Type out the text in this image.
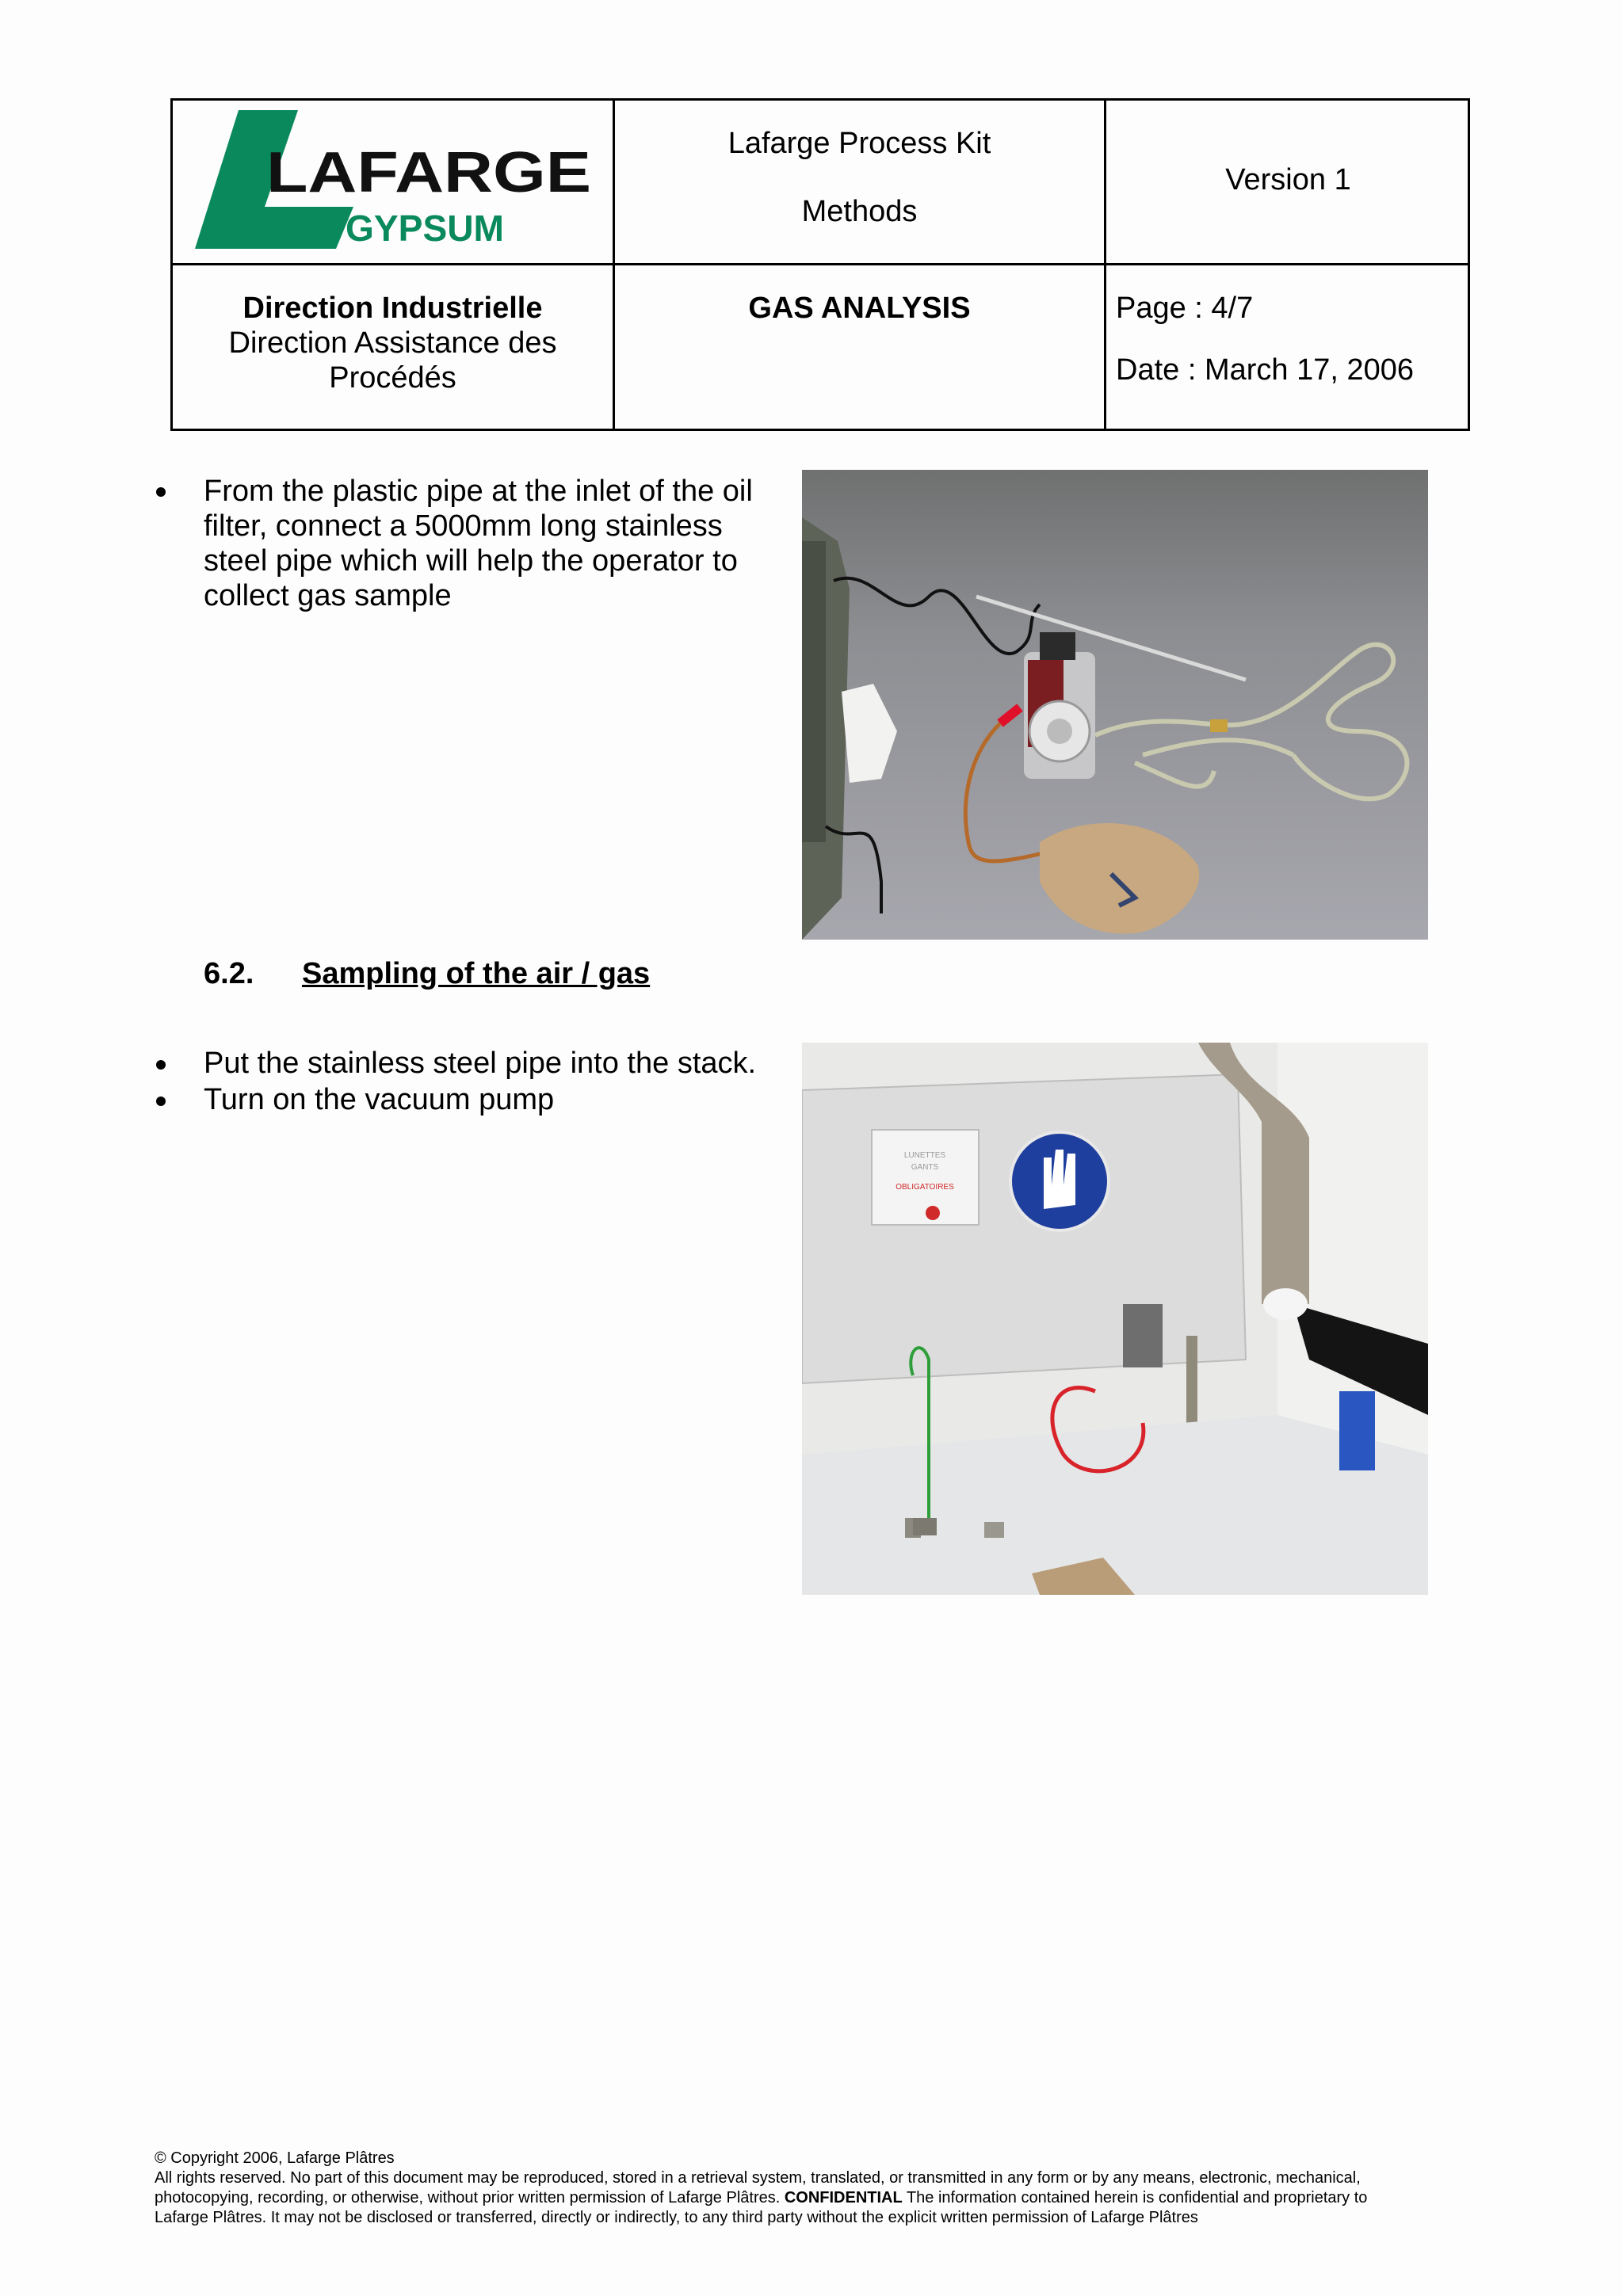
LAFARGE
GYPSUM
Lafarge Process Kit
Methods
Version 1
Direction Industrielle
Direction Assistance des
Procédés
GAS ANALYSIS	Page : 4/7
Date : March 17, 2006
From the plastic pipe at the inlet of the oil
filter, connect a 5000mm long stainless
steel pipe which will help the operator to
collect gas sample
6.2. Sampling of the air / gas
Put the stainless steel pipe into the stack.
Turn on the vacuum pump
LUNETTES
GANTS
OBLIGATOIRES
© Copyright 2006, Lafarge Plâtres
All rights reserved. No part of this document may be reproduced, stored in a retrieval system, translated, or transmitted in any form or by any means, electronic, mechanical,
photocopying, recording, or otherwise, without prior written permission of Lafarge Plâtres. CONFIDENTIAL The information contained herein is confidential and proprietary to
Lafarge Plâtres. It may not be disclosed or transferred, directly or indirectly, to any third party without the explicit written permission of Lafarge Plâtres
